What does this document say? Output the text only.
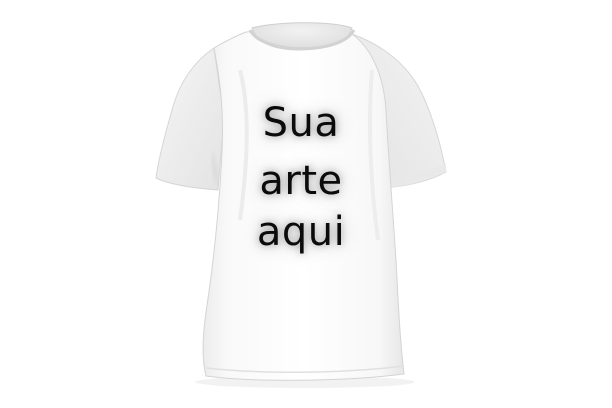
Sua
arte
aqui
